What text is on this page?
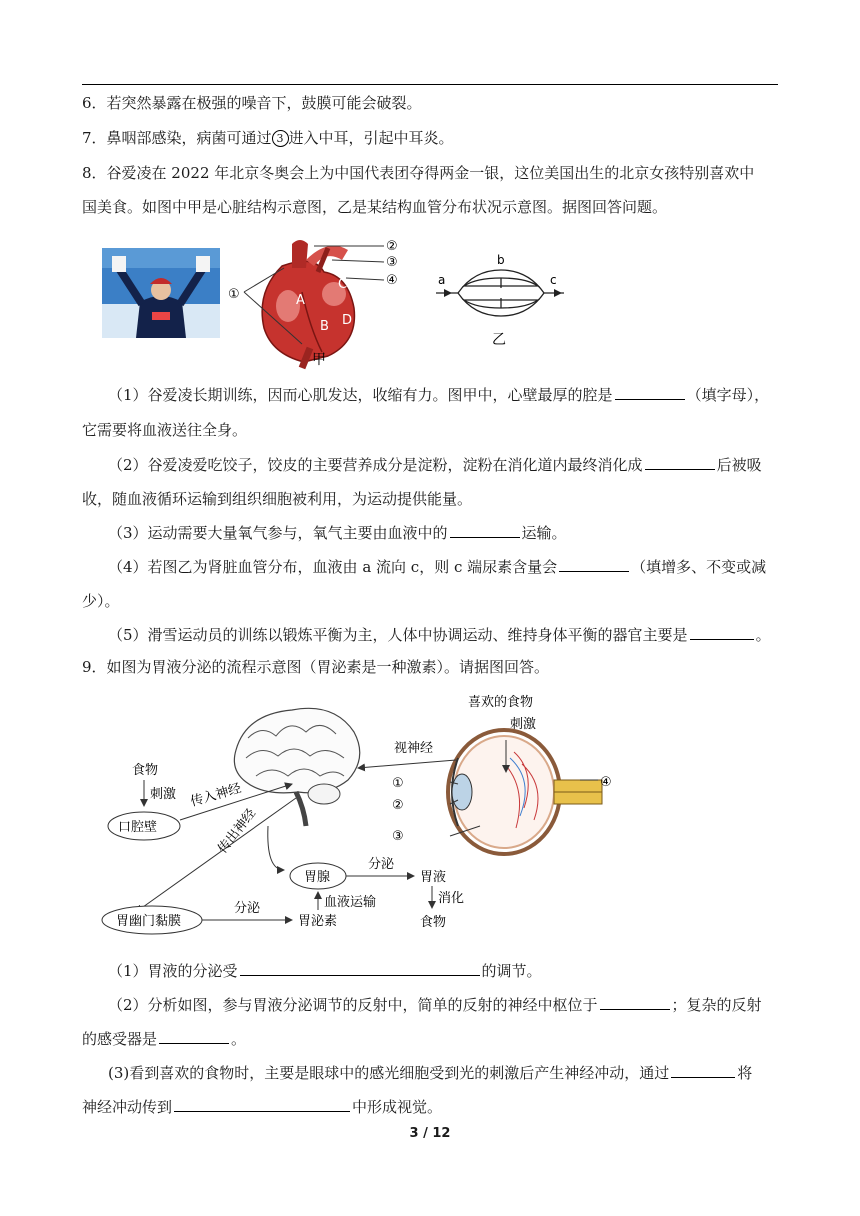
6．若突然暴露在极强的噪音下，鼓膜可能会破裂。
7．鼻咽部感染，病菌可通过 3 进入中耳，引起中耳炎。
8．谷爱凌在 2022 年北京冬奥会上为中国代表团夺得两金一银，这位美国出生的北京女孩特别喜欢中
国美食。如图中甲是心脏结构示意图，乙是某结构血管分布状况示意图。据图回答问题。
A
B
C
D
①
②
③
④
甲
a
b
c
乙
（1）谷爱凌长期训练，因而心肌发达，收缩有力。图甲中，心壁最厚的腔是	（填字母），
它需要将血液送往全身。
（2）谷爱凌爱吃饺子，饺皮的主要营养成分是淀粉，淀粉在消化道内最终消化成	后被吸
收，随血液循环运输到组织细胞被利用，为运动提供能量。
（3）运动需要大量氧气参与，氧气主要由血液中的	运输。
（4）若图乙为肾脏血管分布，血液由 a 流向 c，则 c 端尿素含量会	（填增多、不变或减
少）。
（5）滑雪运动员的训练以锻炼平衡为主，人体中协调运动、维持身体平衡的器官主要是	。
9．如图为胃液分泌的流程示意图（胃泌素是一种激素）。请据图回答。
喜欢的食物
刺激
视神经
①
②
③
④
食物
刺激
口腔壁
传入神经
传出神经
胃腺
分泌
胃液
消化
食物
胃幽门黏膜
分泌
胃泌素
血液运输
（1）胃液的分泌受	的调节。
（2）分析如图，参与胃液分泌调节的反射中，简单的反射的神经中枢位于	；复杂的反射
的感受器是	。
(3)看到喜欢的食物时，主要是眼球中的感光细胞受到光的刺激后产生神经冲动，通过	将
神经冲动传到	中形成视觉。
3 / 12
